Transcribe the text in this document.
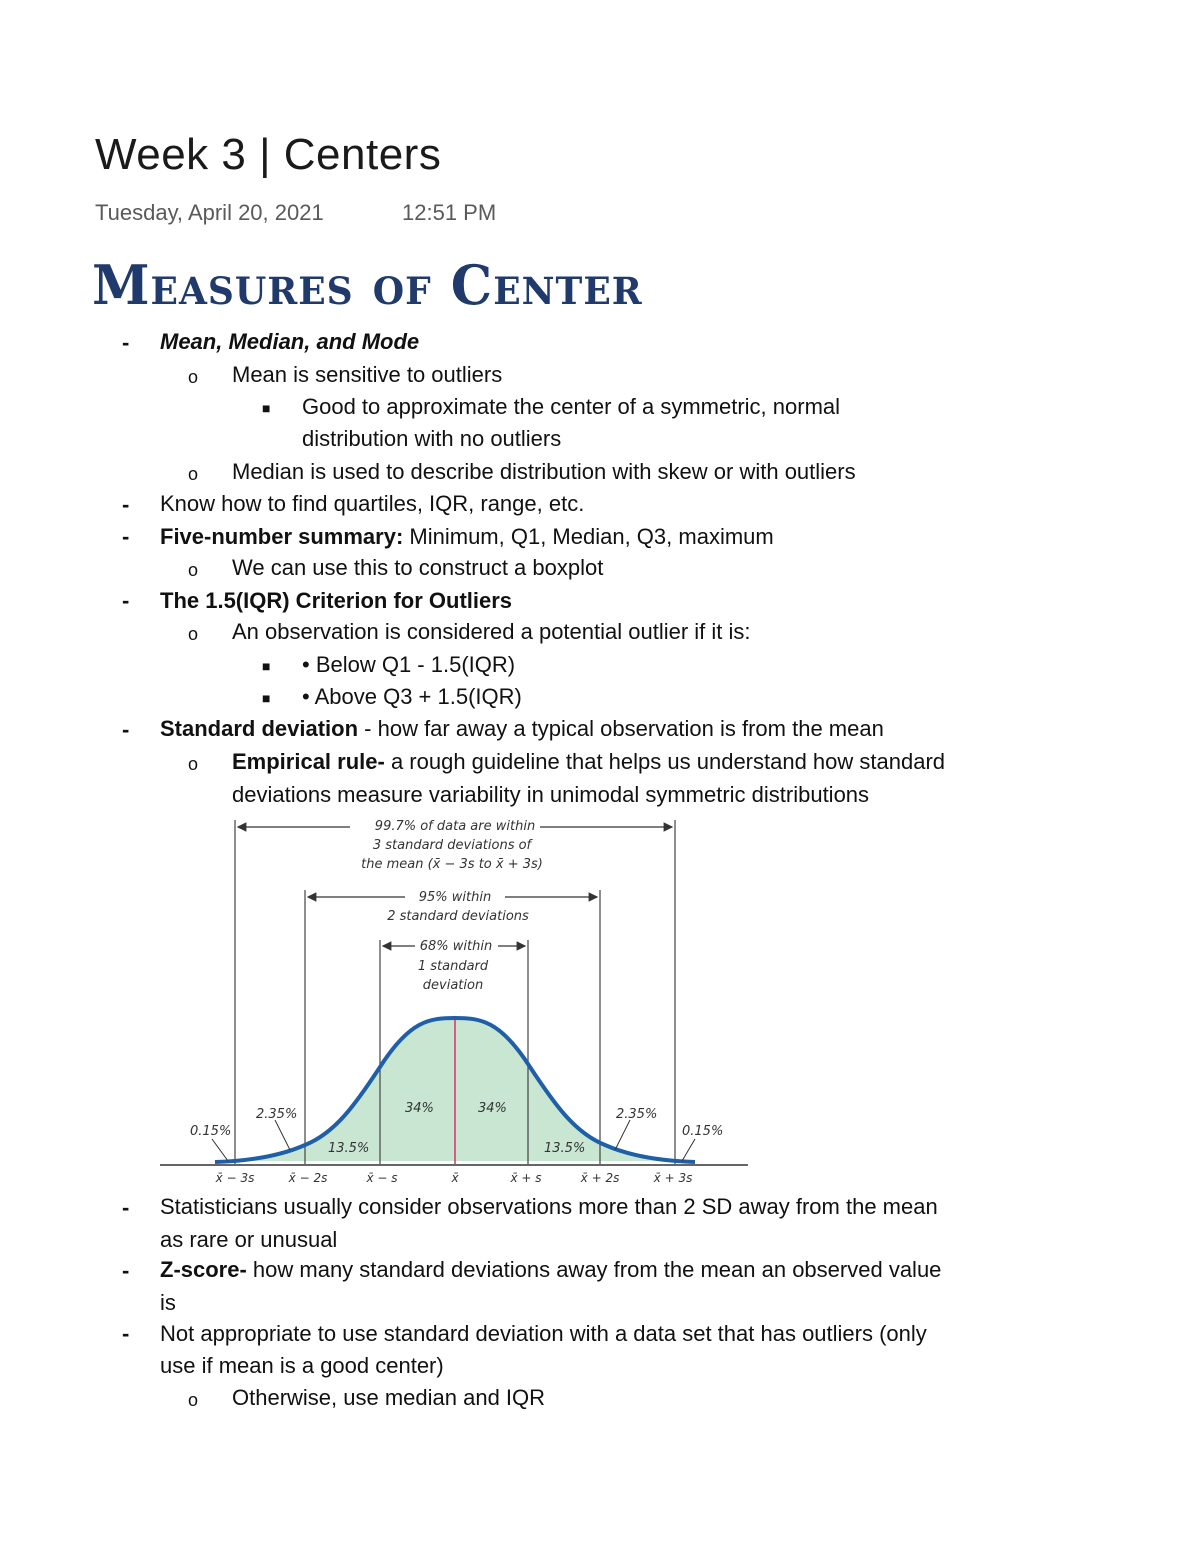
Week 3 | Centers
Tuesday, April 20, 2021	12:51 PM
Measures of Center
-
o
■
o
-
-
o
-
o
■
■
-
o
-
-
-
o
Mean, Median, and Mode
Mean is sensitive to outliers
Good to approximate the center of a symmetric, normal
distribution with no outliers
Median is used to describe distribution with skew or with outliers
Know how to find quartiles, IQR, range, etc.
Five-number summary: Minimum, Q1, Median, Q3, maximum
We can use this to construct a boxplot
The 1.5(IQR) Criterion for Outliers
An observation is considered a potential outlier if it is:
• Below Q1 - 1.5(IQR)
• Above Q3 + 1.5(IQR)
Standard deviation - how far away a typical observation is from the mean
Empirical rule- a rough guideline that helps us understand how standard
deviations measure variability in unimodal symmetric distributions
99.7% of data are within
3 standard deviations of
the mean (x̄ − 3s to x̄ + 3s)
95% within
2 standard deviations
68% within
1 standard
deviation
0.15%
2.35%
13.5%
34%	34%
13.5%
2.35%
0.15%
x̄ − 3s	x̄ − 2s	x̄ − s	x̄	x̄ + s	x̄ + 2s	x̄ + 3s
Statisticians usually consider observations more than 2 SD away from the mean
as rare or unusual
Z-score- how many standard deviations away from the mean an observed value
is
Not appropriate to use standard deviation with a data set that has outliers (only
use if mean is a good center)
Otherwise, use median and IQR
